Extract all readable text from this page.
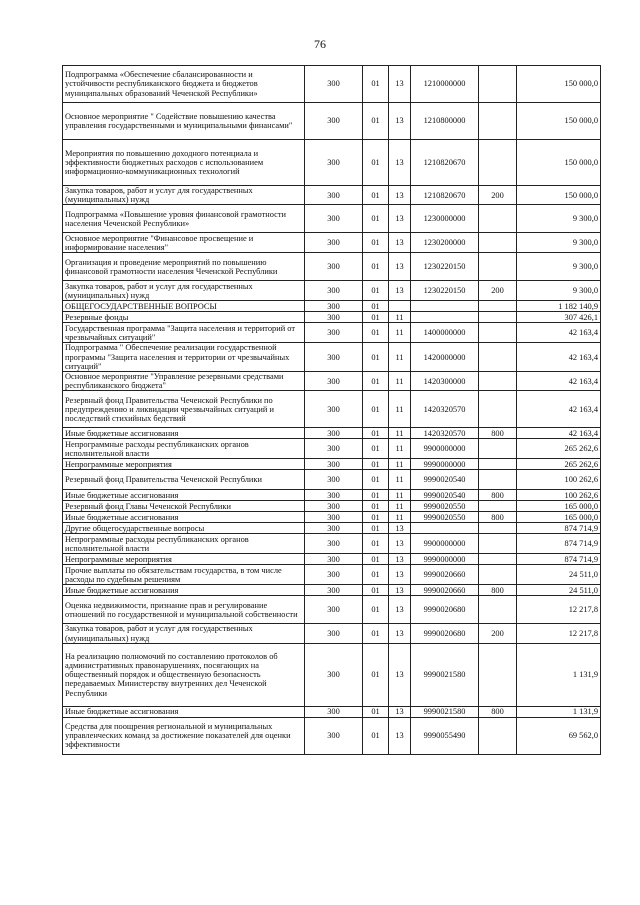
76
Подпрограмма «Обеспечение сбалансированности и устойчивости республиканского бюджета и бюджетов муниципальных образований Чеченской Республики»	300	01	13	1210000000		150 000,0
Основное мероприятие " Содействие повышению качества управления государственными и муниципальными финансами"	300	01	13	1210800000		150 000,0
Мероприятия по повышению доходного потенциала и эффективности бюджетных расходов с использованием информационно-коммуникационных технологий	300	01	13	1210820670		150 000,0
Закупка товаров, работ и услуг для государственных (муниципальных) нужд	300	01	13	1210820670	200	150 000,0
Подпрограмма «Повышение уровня финансовой грамотности населения Чеченской Республики»	300	01	13	1230000000		9 300,0
Основное мероприятие "Финансовое просвещение и информирование населения"	300	01	13	1230200000		9 300,0
Организация и проведение мероприятий по повышению финансовой грамотности населения Чеченской Республики	300	01	13	1230220150		9 300,0
Закупка товаров, работ и услуг для государственных (муниципальных) нужд	300	01	13	1230220150	200	9 300,0
ОБЩЕГОСУДАРСТВЕННЫЕ ВОПРОСЫ	300	01				1 182 140,9
Резервные фонды	300	01	11			307 426,1
Государственная программа "Защита населения и территорий от чрезвычайных ситуаций"	300	01	11	1400000000		42 163,4
Подпрограмма " Обеспечение реализации государственной программы "Защита населения и территории от чрезвычайных ситуаций"	300	01	11	1420000000		42 163,4
Основное мероприятие "Управление резервными средствами республиканского бюджета"	300	01	11	1420300000		42 163,4
Резервный фонд Правительства Чеченской Республики по предупреждению и ликвидации чрезвычайных ситуаций и последствий стихийных бедствий	300	01	11	1420320570		42 163,4
Иные бюджетные ассигнования	300	01	11	1420320570	800	42 163,4
Непрограммные расходы республиканских органов исполнительной власти	300	01	11	9900000000		265 262,6
Непрограммные мероприятия	300	01	11	9990000000		265 262,6
Резервный фонд Правительства Чеченской Республики	300	01	11	9990020540		100 262,6
Иные бюджетные ассигнования	300	01	11	9990020540	800	100 262,6
Резервный фонд Главы Чеченской Республики	300	01	11	9990020550		165 000,0
Иные бюджетные ассигнования	300	01	11	9990020550	800	165 000,0
Другие общегосударственные вопросы	300	01	13			874 714,9
Непрограммные расходы республиканских органов исполнительной власти	300	01	13	9900000000		874 714,9
Непрограммные мероприятия	300	01	13	9990000000		874 714,9
Прочие выплаты по обязательствам государства, в том числе расходы по судебным решениям	300	01	13	9990020660		24 511,0
Иные бюджетные ассигнования	300	01	13	9990020660	800	24 511,0
Оценка недвижимости, признание прав и регулирование отношений по государственной и муниципальной собственности	300	01	13	9990020680		12 217,8
Закупка товаров, работ и услуг для государственных (муниципальных) нужд	300	01	13	9990020680	200	12 217,8
На реализацию полномочий по составлению протоколов об административных правонарушениях, посягающих на общественный порядок и общественную безопасность передаваемых Министерству внутренних дел Чеченской Республики	300	01	13	9990021580		1 131,9
Иные бюджетные ассигнования	300	01	13	9990021580	800	1 131,9
Средства для поощрения региональной и муниципальных управленческих команд за достижение показателей для оценки эффективности	300	01	13	9990055490		69 562,0
